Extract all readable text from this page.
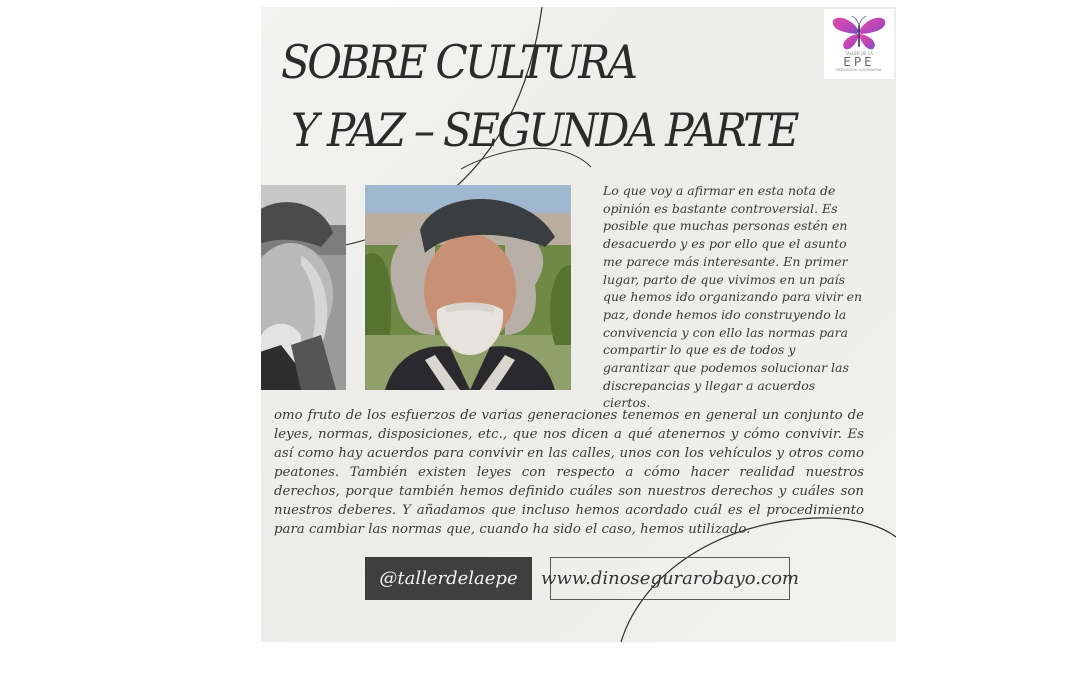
SOBRE CULTURA
Y PAZ – SEGUNDA PARTE
TALLER DE LA
EPE
PEDAGOGÍA ALTERNATIVA
Lo que voy a afirmar en esta nota de opinión es bastante controversial. Es posible que muchas personas estén en desacuerdo y es por ello que el asunto me parece más interesante. En primer lugar, parto de que vivimos en un país que hemos ido organizando para vivir en paz, donde hemos ido construyendo la convivencia y con ello las normas para compartir lo que es de todos y garantizar que podemos solucionar las discrepancias y llegar a acuerdos ciertos.
omo fruto de los esfuerzos de varias generaciones tenemos en general un conjunto de leyes, normas, disposiciones, etc., que nos dicen a qué atenernos y cómo convivir. Es así como hay acuerdos para convivir en las calles, unos con los vehículos y otros como peatones. También existen leyes con respecto a cómo hacer realidad nuestros derechos, porque también hemos definido cuáles son nuestros derechos y cuáles son nuestros deberes. Y añadamos que incluso hemos acordado cuál es el procedimiento para cambiar las normas que, cuando ha sido el caso, hemos utilizado.
@tallerdelaepe	www.dinosegurarobayo.com
